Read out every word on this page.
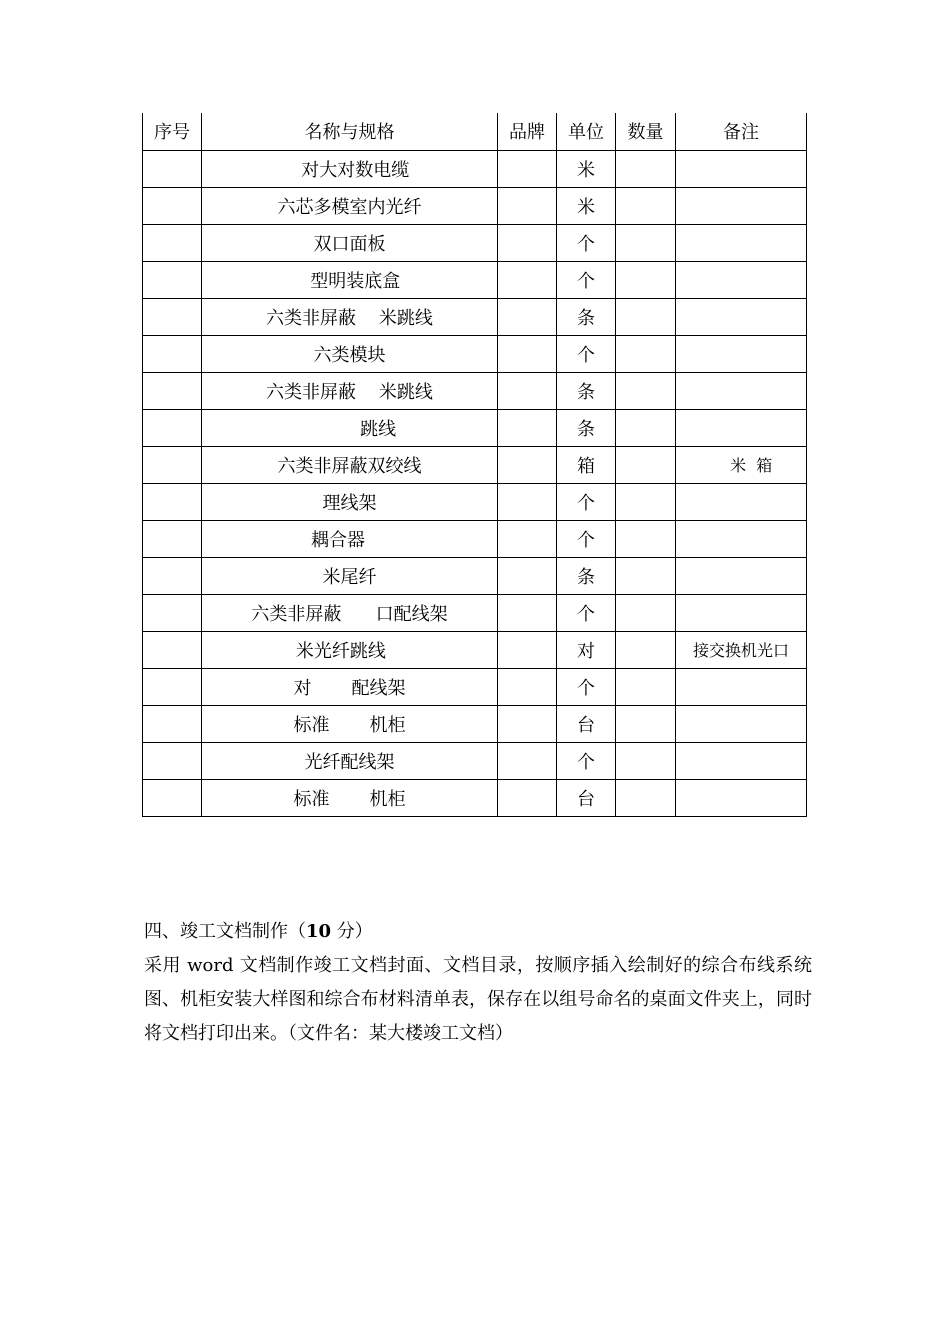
序号	名称与规格	品牌	单位	数量	备注
	对大对数电缆		米		
	六芯多模室内光纤		米		
	双口面板		个		
	型明装底盒		个		
	六类非屏蔽    米跳线		条		
	六类模块		个		
	六类非屏蔽    米跳线		条		
	跳线		条		
	六类非屏蔽双绞线		箱		米  箱
	理线架		个		
	耦合器		个		
	米尾纤		条		
	六类非屏蔽      口配线架		个		
	米光纤跳线		对		接交换机光口
	对       配线架		个		
	标准       机柜		台		
	光纤配线架		个		
	标准       机柜		台		
四、竣工文档制作（10 分）
采用 word 文档制作竣工文档封面、文档目录，按顺序插入绘制好的综合布线系统图、机柜安装大样图和综合布材料清单表，保存在以组号命名的桌面文件夹上，同时将文档打印出来。（文件名：某大楼竣工文档）
